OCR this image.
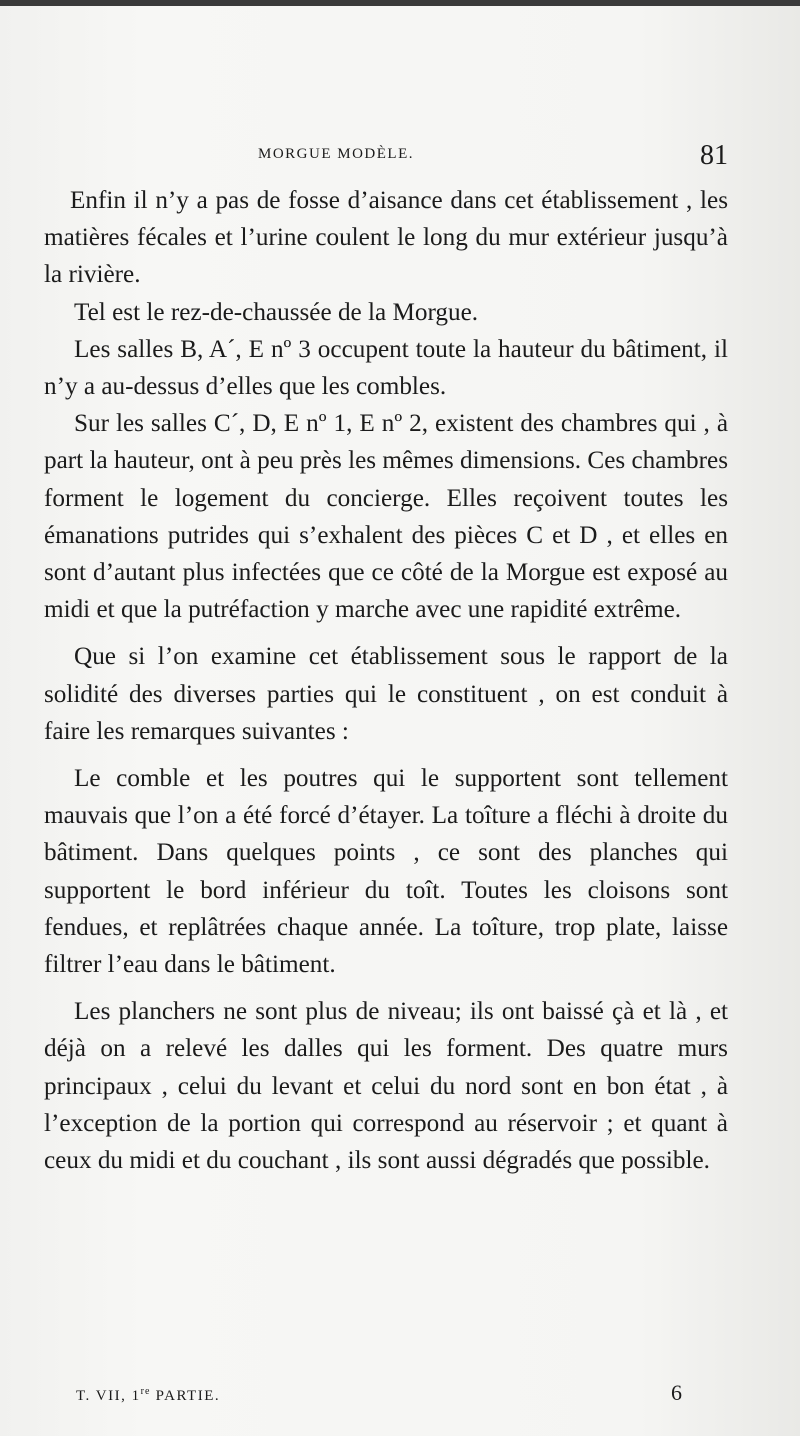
MORGUE MODÈLE.	81

Enfin il n’y a pas de fosse d’aisance dans cet établissement , les matières fécales et l’urine coulent le long du mur extérieur jusqu’à la rivière.

Tel est le rez-de-chaussée de la Morgue.

Les salles B, A´, E nº 3 occupent toute la hauteur du bâtiment, il n’y a au-dessus d’elles que les combles.

Sur les salles C´, D, E nº 1, E nº 2, existent des chambres qui , à part la hauteur, ont à peu près les mêmes dimensions. Ces chambres forment le logement du concierge. Elles reçoivent toutes les émanations putrides qui s’exhalent des pièces C et D , et elles en sont d’autant plus infectées que ce côté de la Morgue est exposé au midi et que la putréfaction y marche avec une rapidité extrême.

Que si l’on examine cet établissement sous le rapport de la solidité des diverses parties qui le constituent , on est conduit à faire les remarques suivantes :

Le comble et les poutres qui le supportent sont tellement mauvais que l’on a été forcé d’étayer. La toîture a fléchi à droite du bâtiment. Dans quelques points , ce sont des planches qui supportent le bord inférieur du toît. Toutes les cloisons sont fendues, et replâtrées chaque année. La toîture, trop plate, laisse filtrer l’eau dans le bâtiment.

Les planchers ne sont plus de niveau; ils ont baissé çà et là , et déjà on a relevé les dalles qui les forment. Des quatre murs principaux , celui du levant et celui du nord sont en bon état , à l’exception de la portion qui correspond au réservoir ; et quant à ceux du midi et du couchant , ils sont aussi dégradés que possible.

T. VII, 1re PARTIE.	6
